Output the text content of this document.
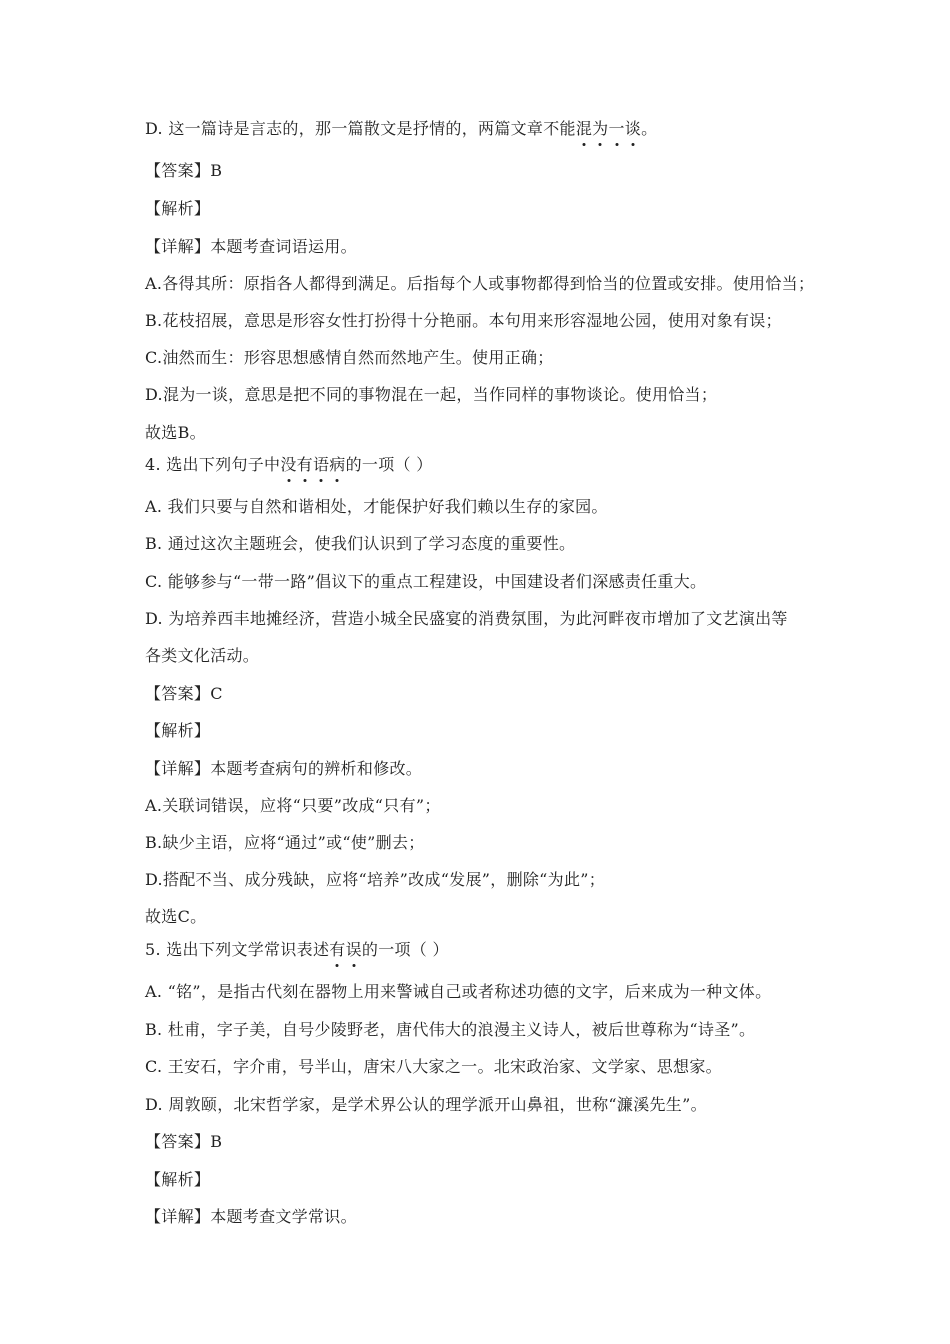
D. 这一篇诗是言志的，那一篇散文是抒情的，两篇文章不能混为一谈。
【答案】B
【解析】
【详解】本题考查词语运用。
A.各得其所：原指各人都得到满足。后指每个人或事物都得到恰当的位置或安排。使用恰当；
B.花枝招展，意思是形容女性打扮得十分艳丽。本句用来形容湿地公园，使用对象有误；
C.油然而生：形容思想感情自然而然地产生。使用正确；
D.混为一谈，意思是把不同的事物混在一起，当作同样的事物谈论。使用恰当；
故选B。
4. 选出下列句子中没有语病的一项（ ）
A. 我们只要与自然和谐相处，才能保护好我们赖以生存的家园。
B. 通过这次主题班会，使我们认识到了学习态度的重要性。
C. 能够参与“一带一路”倡议下的重点工程建设，中国建设者们深感责任重大。
D. 为培养西丰地摊经济，营造小城全民盛宴的消费氛围，为此河畔夜市增加了文艺演出等
各类文化活动。
【答案】C
【解析】
【详解】本题考查病句的辨析和修改。
A.关联词错误，应将“只要”改成“只有”；
B.缺少主语，应将“通过”或“使”删去；
D.搭配不当、成分残缺，应将“培养”改成“发展”，删除“为此”；
故选C。
5. 选出下列文学常识表述有误的一项（ ）
A. “铭”，是指古代刻在器物上用来警诫自己或者称述功德的文字，后来成为一种文体。
B. 杜甫，字子美，自号少陵野老，唐代伟大的浪漫主义诗人，被后世尊称为“诗圣”。
C. 王安石，字介甫，号半山，唐宋八大家之一。北宋政治家、文学家、思想家。
D. 周敦颐，北宋哲学家，是学术界公认的理学派开山鼻祖，世称“濂溪先生”。
【答案】B
【解析】
【详解】本题考查文学常识。
